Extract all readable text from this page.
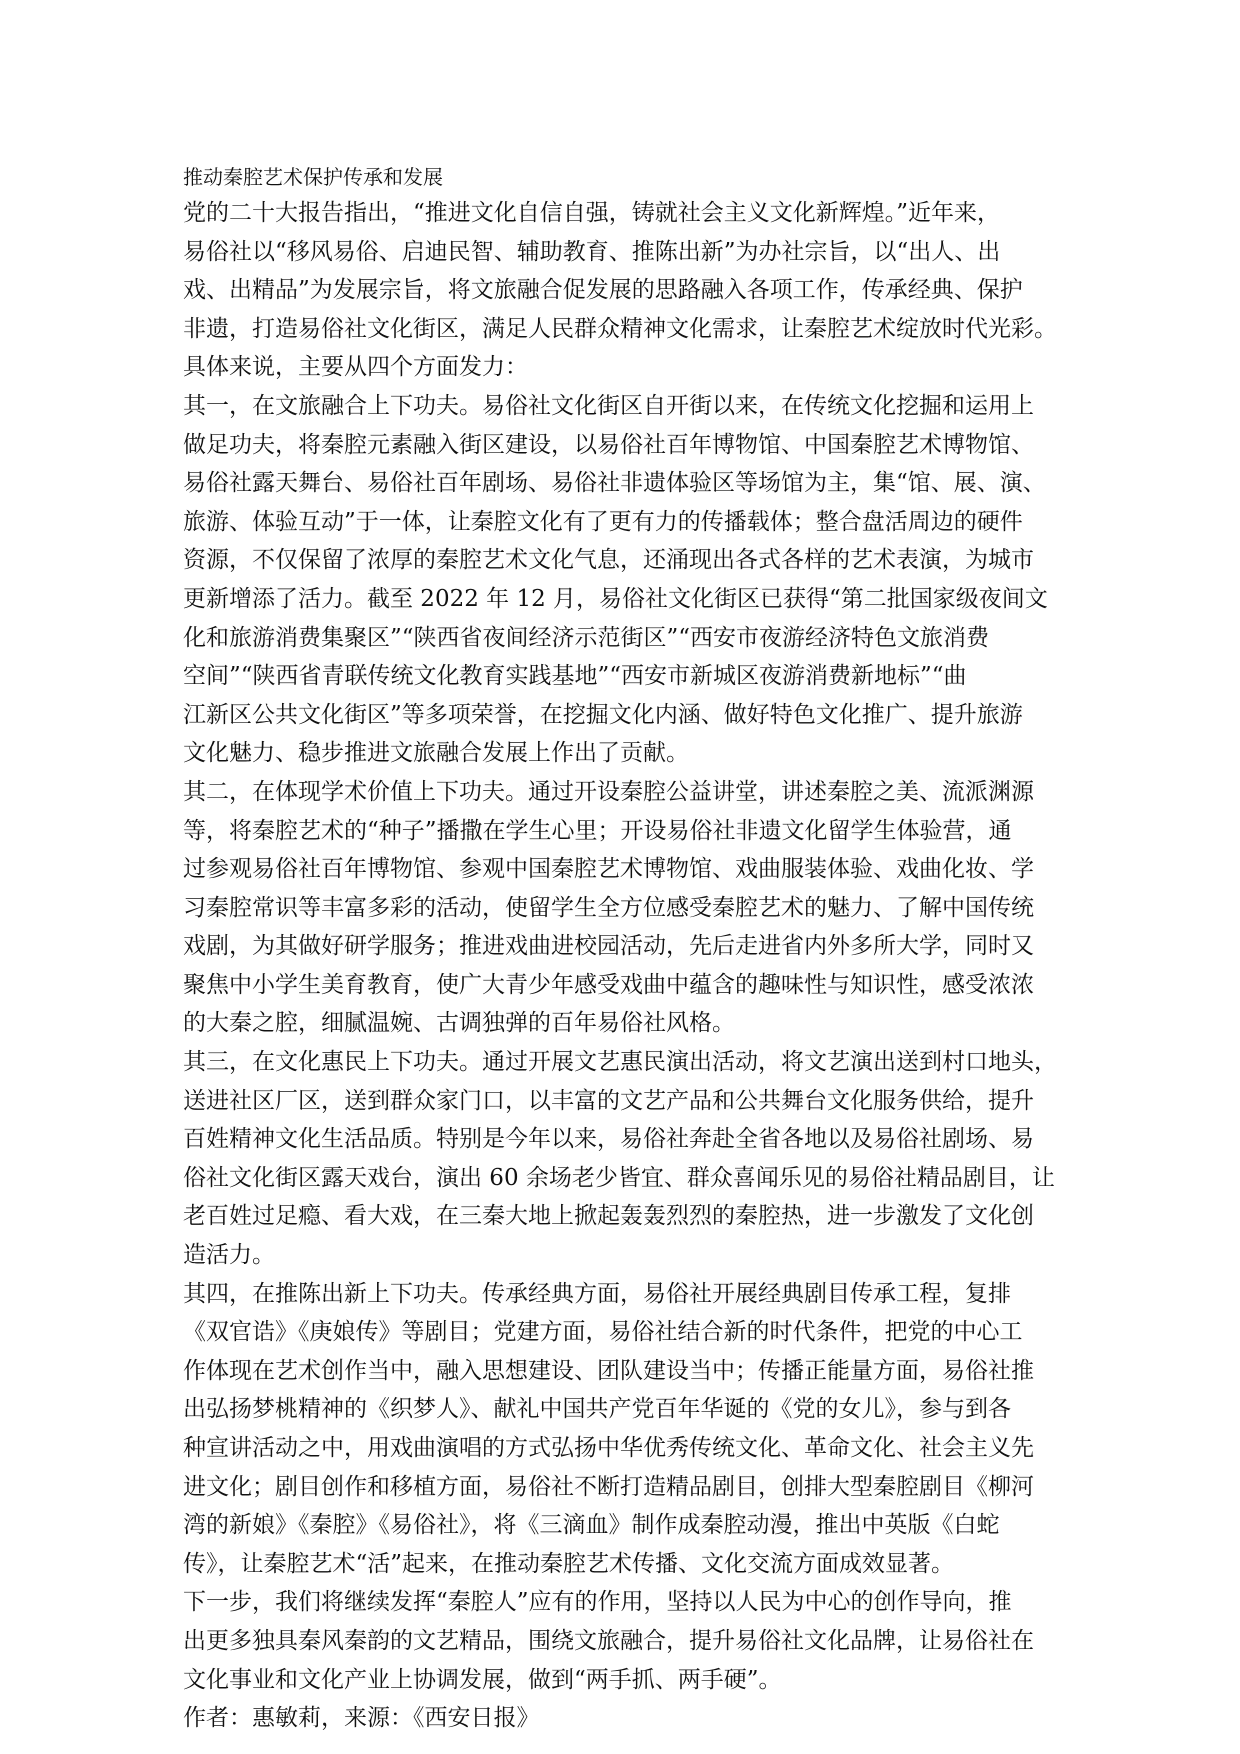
推动秦腔艺术保护传承和发展

党的二十大报告指出，“推进文化自信自强，铸就社会主义文化新辉煌。”近年来，
易俗社以“移风易俗、启迪民智、辅助教育、推陈出新”为办社宗旨，以“出人、出
戏、出精品”为发展宗旨，将文旅融合促发展的思路融入各项工作，传承经典、保护
非遗，打造易俗社文化街区，满足人民群众精神文化需求，让秦腔艺术绽放时代光彩。

具体来说，主要从四个方面发力：

其一，在文旅融合上下功夫。易俗社文化街区自开街以来，在传统文化挖掘和运用上
做足功夫，将秦腔元素融入街区建设，以易俗社百年博物馆、中国秦腔艺术博物馆、
易俗社露天舞台、易俗社百年剧场、易俗社非遗体验区等场馆为主，集“馆、展、演、
旅游、体验互动”于一体，让秦腔文化有了更有力的传播载体；整合盘活周边的硬件
资源，不仅保留了浓厚的秦腔艺术文化气息，还涌现出各式各样的艺术表演，为城市
更新增添了活力。截至 2022 年 12 月，易俗社文化街区已获得“第二批国家级夜间文
化和旅游消费集聚区”“陕西省夜间经济示范街区”“西安市夜游经济特色文旅消费
空间”“陕西省青联传统文化教育实践基地”“西安市新城区夜游消费新地标”“曲
江新区公共文化街区”等多项荣誉，在挖掘文化内涵、做好特色文化推广、提升旅游
文化魅力、稳步推进文旅融合发展上作出了贡献。

其二，在体现学术价值上下功夫。通过开设秦腔公益讲堂，讲述秦腔之美、流派渊源
等，将秦腔艺术的“种子”播撒在学生心里；开设易俗社非遗文化留学生体验营，通
过参观易俗社百年博物馆、参观中国秦腔艺术博物馆、戏曲服装体验、戏曲化妆、学
习秦腔常识等丰富多彩的活动，使留学生全方位感受秦腔艺术的魅力、了解中国传统
戏剧，为其做好研学服务；推进戏曲进校园活动，先后走进省内外多所大学，同时又
聚焦中小学生美育教育，使广大青少年感受戏曲中蕴含的趣味性与知识性，感受浓浓
的大秦之腔，细腻温婉、古调独弹的百年易俗社风格。

其三，在文化惠民上下功夫。通过开展文艺惠民演出活动，将文艺演出送到村口地头，
送进社区厂区，送到群众家门口，以丰富的文艺产品和公共舞台文化服务供给，提升
百姓精神文化生活品质。特别是今年以来，易俗社奔赴全省各地以及易俗社剧场、易
俗社文化街区露天戏台，演出 60 余场老少皆宜、群众喜闻乐见的易俗社精品剧目，让
老百姓过足瘾、看大戏，在三秦大地上掀起轰轰烈烈的秦腔热，进一步激发了文化创
造活力。

其四，在推陈出新上下功夫。传承经典方面，易俗社开展经典剧目传承工程，复排
《双官诰》《庚娘传》等剧目；党建方面，易俗社结合新的时代条件，把党的中心工
作体现在艺术创作当中，融入思想建设、团队建设当中；传播正能量方面，易俗社推
出弘扬梦桃精神的《织梦人》、献礼中国共产党百年华诞的《党的女儿》，参与到各
种宣讲活动之中，用戏曲演唱的方式弘扬中华优秀传统文化、革命文化、社会主义先
进文化；剧目创作和移植方面，易俗社不断打造精品剧目，创排大型秦腔剧目《柳河
湾的新娘》《秦腔》《易俗社》，将《三滴血》制作成秦腔动漫，推出中英版《白蛇
传》，让秦腔艺术“活”起来，在推动秦腔艺术传播、文化交流方面成效显著。

下一步，我们将继续发挥“秦腔人”应有的作用，坚持以人民为中心的创作导向，推
出更多独具秦风秦韵的文艺精品，围绕文旅融合，提升易俗社文化品牌，让易俗社在
文化事业和文化产业上协调发展，做到“两手抓、两手硬”。

作者：惠敏莉，来源：《西安日报》
